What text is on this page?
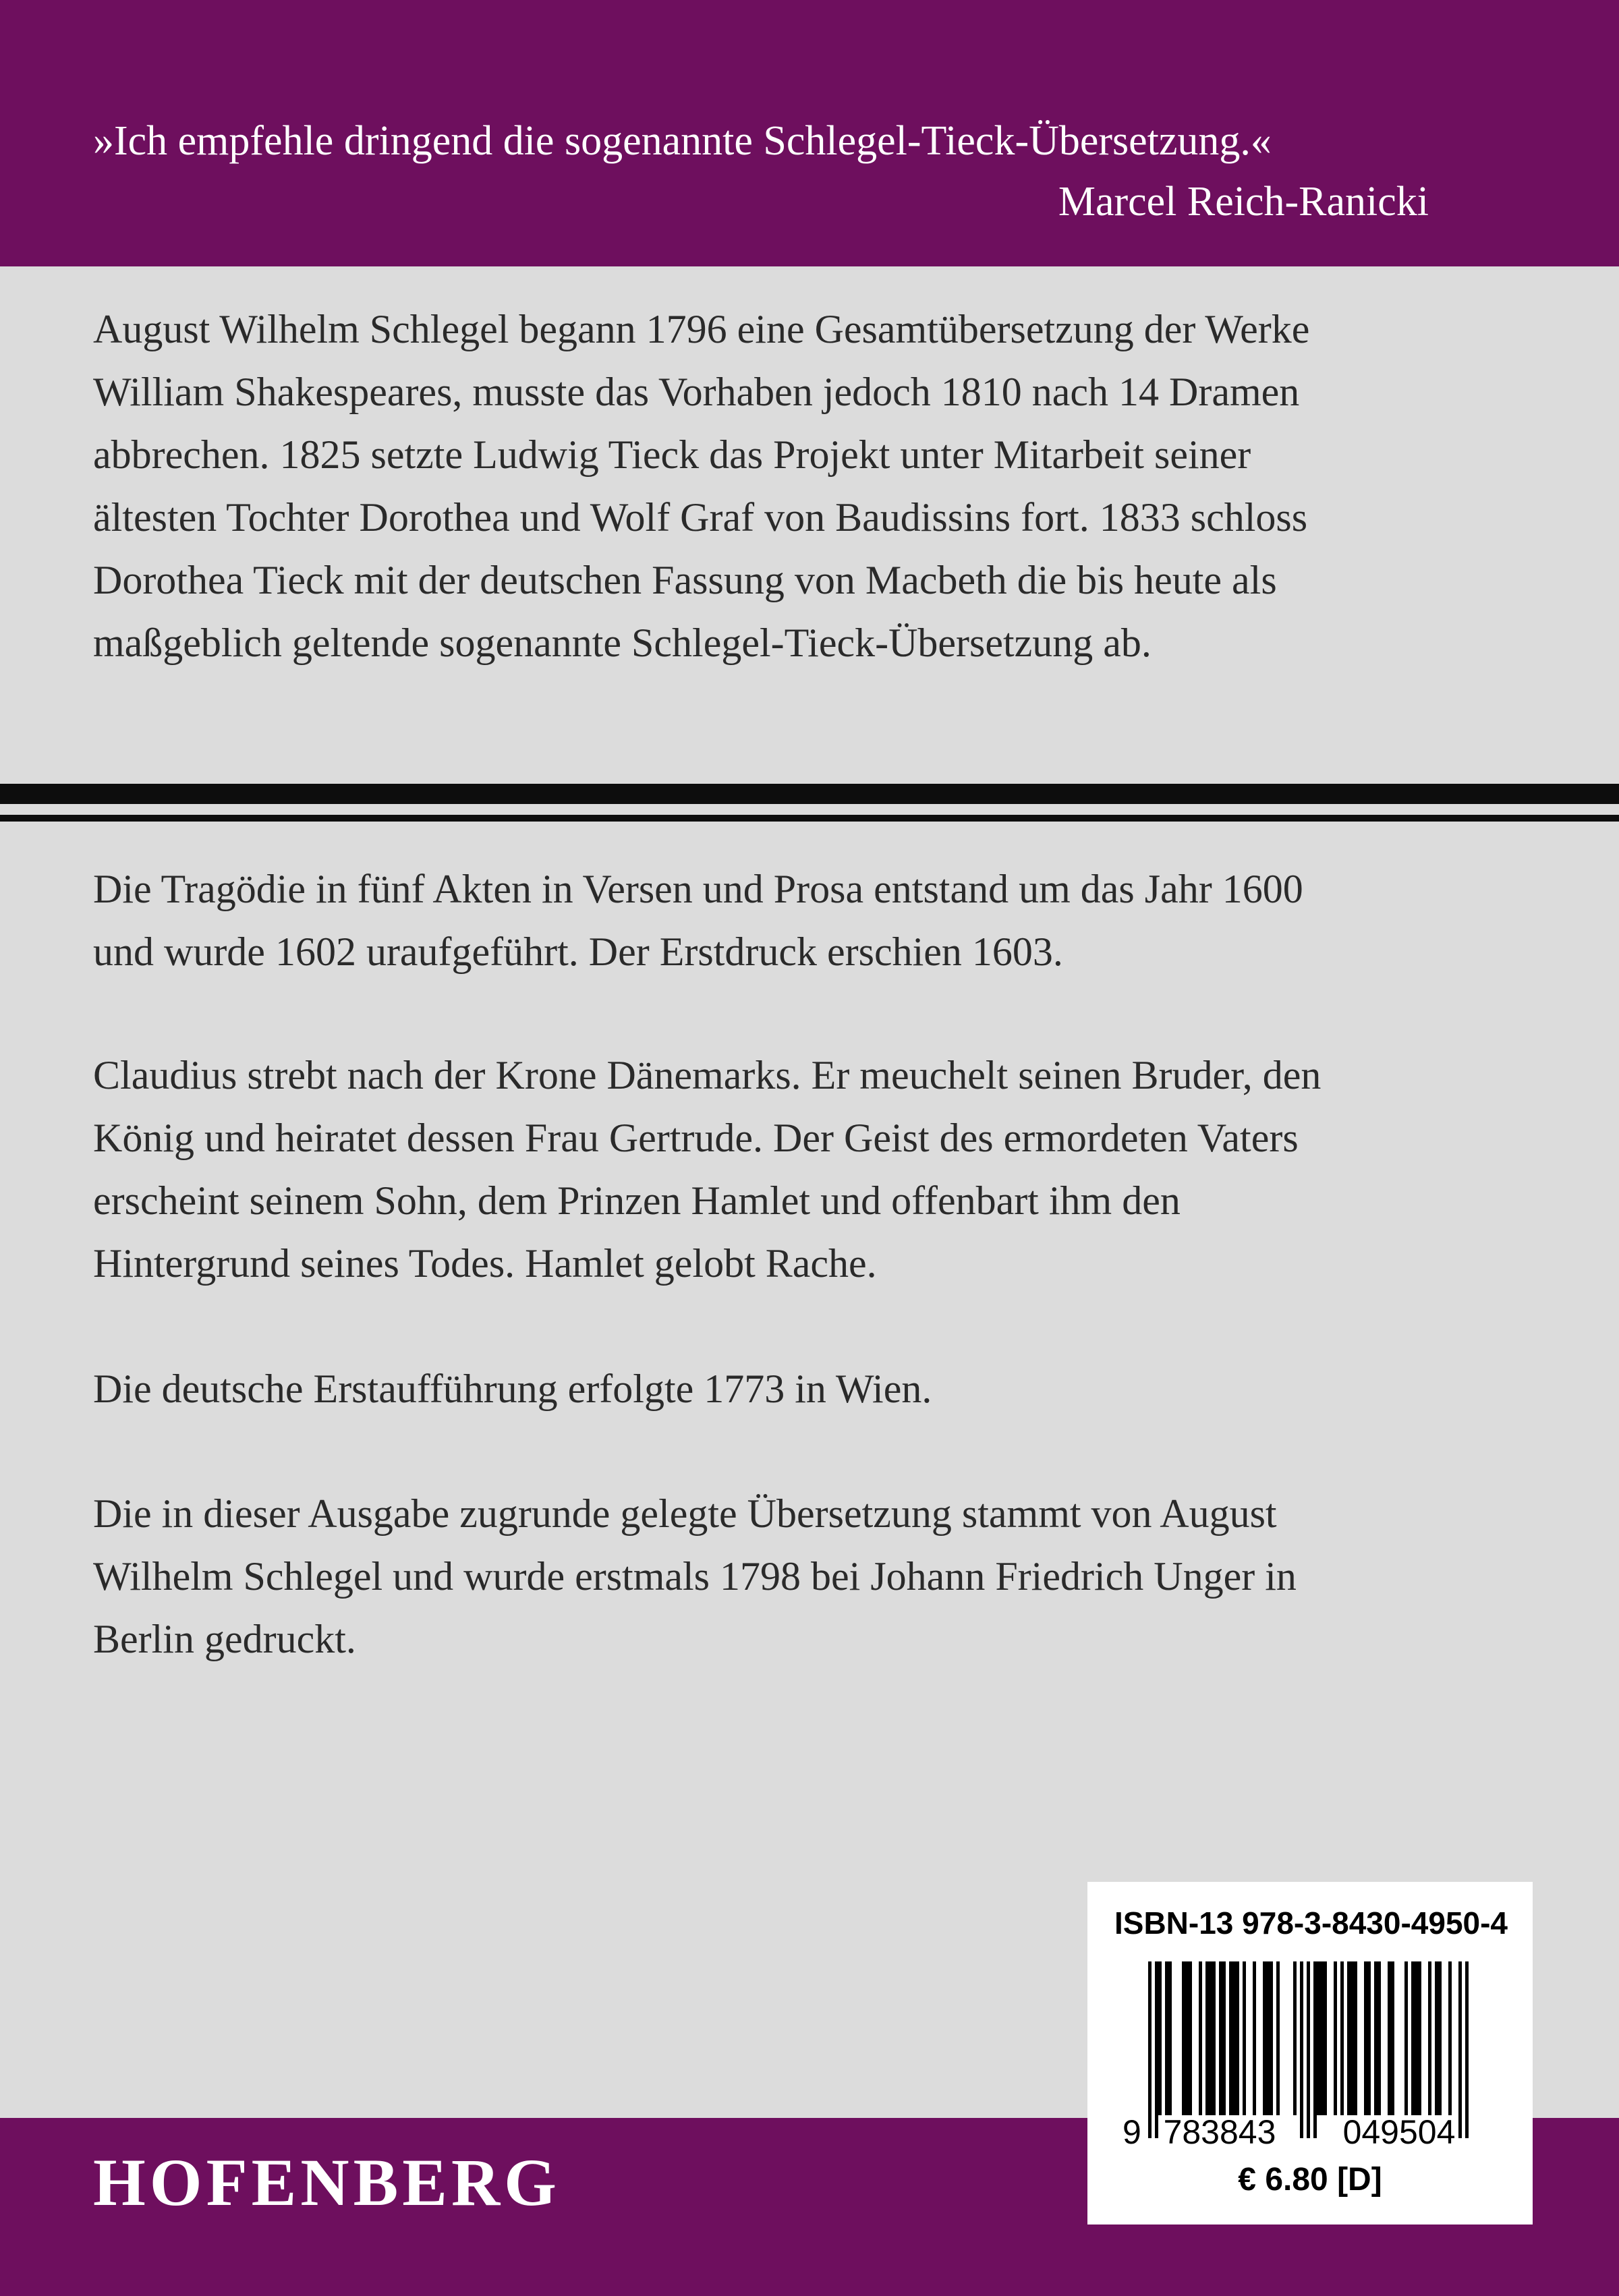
»Ich empfehle dringend die sogenannte Schlegel-Tieck-Übersetzung.«
Marcel Reich-Ranicki
August Wilhelm Schlegel begann 1796 eine Gesamtübersetzung der Werke
William Shakespeares, musste das Vorhaben jedoch 1810 nach 14 Dramen
abbrechen. 1825 setzte Ludwig Tieck das Projekt unter Mitarbeit seiner
ältesten Tochter Dorothea und Wolf Graf von Baudissins fort. 1833 schloss
Dorothea Tieck mit der deutschen Fassung von Macbeth die bis heute als
maßgeblich geltende sogenannte Schlegel-Tieck-Übersetzung ab.
Die Tragödie in fünf Akten in Versen und Prosa entstand um das Jahr 1600
und wurde 1602 uraufgeführt. Der Erstdruck erschien 1603.
Claudius strebt nach der Krone Dänemarks. Er meuchelt seinen Bruder, den
König und heiratet dessen Frau Gertrude. Der Geist des ermordeten Vaters
erscheint seinem Sohn, dem Prinzen Hamlet und offenbart ihm den
Hintergrund seines Todes. Hamlet gelobt Rache.
Die deutsche Erstaufführung erfolgte 1773 in Wien.
Die in dieser Ausgabe zugrunde gelegte Übersetzung stammt von August
Wilhelm Schlegel und wurde erstmals 1798 bei Johann Friedrich Unger in
Berlin gedruckt.
HOFENBERG
ISBN-13 978-3-8430-4950-4
9 783843 049504
€ 6.80 [D]
